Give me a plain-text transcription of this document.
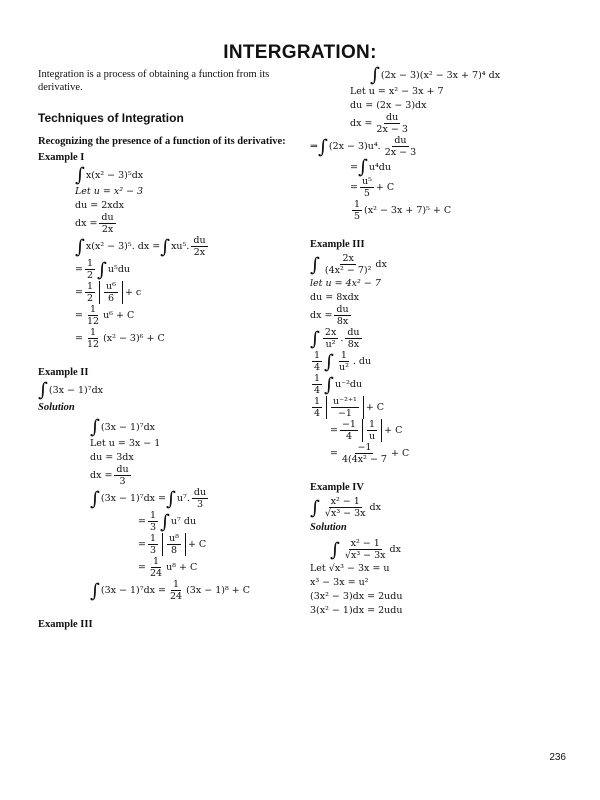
INTERGRATION:
Integration is a process of obtaining a function from its derivative.
Techniques of Integration
Recognizing the presence of a function of its derivative:
Example I
∫ x(x² − 3)⁵dx
Let u = x² − 3
du = 2xdx
dx = $\frac{du}{2x}$
∫ x(x² − 3)⁵. dx = ∫ xu⁵. $\frac{du}{2x}$
= $\frac{1}{2}$ ∫ u⁵du
= $\frac{1}{2} \frac{\text{u⁶}}{6} + c$
= $\frac{1}{12} u^6 + C$
= $\frac{1}{12} (x^2 - 3)^6 + C$
Example II
∫ (3x − 1)⁷dx
Solution
∫ (3x − 1)⁷dx
Let u = 3x − 1
du = 3dx
dx = $\frac{du}{3}$
∫ (3x − 1)⁷dx = ∫ u⁷. $\frac{du}{3}$
= $\frac{1}{3}$ ∫ u⁷ du
= $\frac{1}{3} \frac{\text{u⁸}}{8} + C$
= $\frac{1}{24} u^8 + C$
∫ $(3x - 1)^7dx = \frac{1}{24} (3x - 1)^8 + C$
Example III
∫ (2x − 3)(x² − 3x + 7)⁴ dx
Let u = x² − 3x + 7
du = (2x − 3)dx
dx = $\frac{du}{2x - 3}$
⇒ ∫ (2x − 3)u⁴. $\frac{du}{2x - 3}$
= ∫ u⁴du
= $\frac{\text{u⁵}}{5} + C$
$\frac{1}{5} (x^2 - 3x + 7)^5 + C$
Example III
∫ $\frac{2x}{\text{(4x² − 7)²}}$ dx
let u = 4x² − 7
du = 8xdx
dx = $\frac{du}{8x}$
∫ $\frac{2x}{\text{u²}}$ . $\frac{du}{8x}$
$\frac{1}{4}$ ∫ $\frac{1}{\text{u²}}$ . du
$\frac{1}{4}$ ∫ u⁻²du
$\frac{1}{4} \frac{\text{u⁻²⁺¹}}{-1} + C$
= $\frac{-1}{4} \frac{1}{u} + C$
= $\frac{-1}{\text{4(4x² − 7}} + C$
Example IV
∫ $\frac{\text{x² − 1}}{\text{√x³ − 3x}}$ dx
Solution
∫ $\frac{\text{x² − 1}}{\text{√x³ − 3x}}$ dx
Let √x³ − 3x = u
x³ − 3x = u²
(3x² − 3)dx = 2udu
3(x² − 1)dx = 2udu
236
